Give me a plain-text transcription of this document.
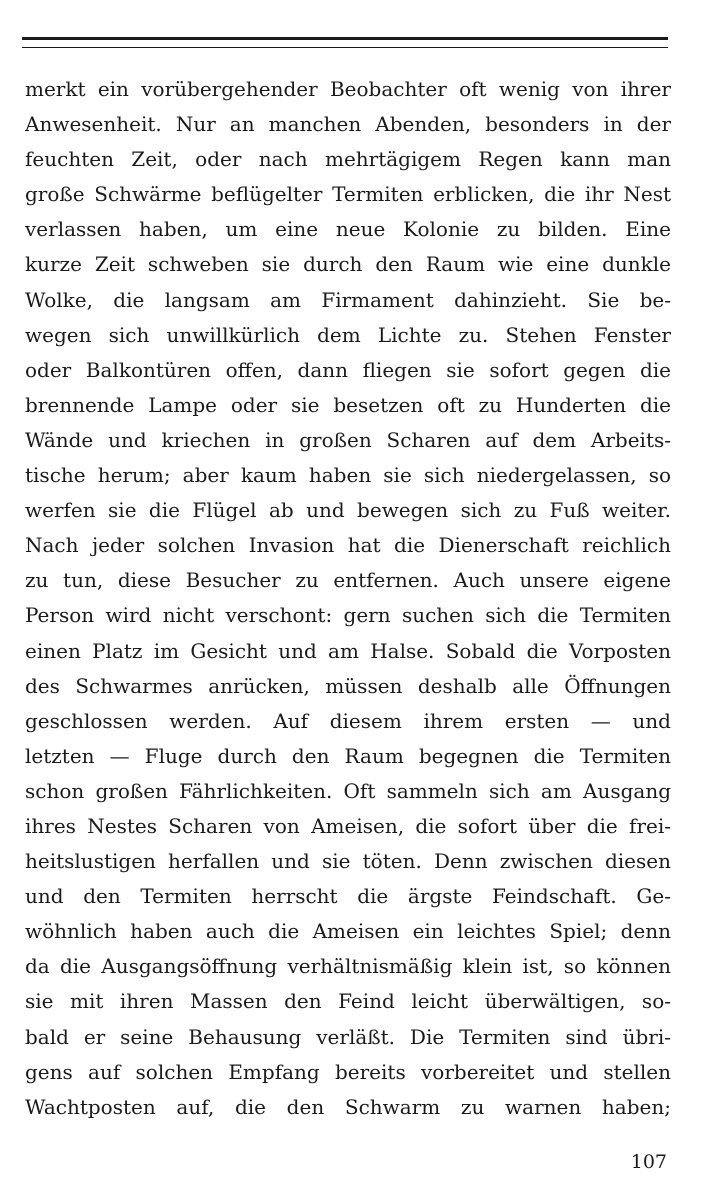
merkt ein vorübergehender Beobachter oft wenig von ihrer
Anwesenheit. Nur an manchen Abenden, besonders in der
feuchten Zeit, oder nach mehrtägigem Regen kann man
große Schwärme beflügelter Termiten erblicken, die ihr Nest
verlassen haben, um eine neue Kolonie zu bilden. Eine
kurze Zeit schweben sie durch den Raum wie eine dunkle
Wolke, die langsam am Firmament dahinzieht. Sie be-
wegen sich unwillkürlich dem Lichte zu. Stehen Fenster
oder Balkontüren offen, dann fliegen sie sofort gegen die
brennende Lampe oder sie besetzen oft zu Hunderten die
Wände und kriechen in großen Scharen auf dem Arbeits-
tische herum; aber kaum haben sie sich niedergelassen, so
werfen sie die Flügel ab und bewegen sich zu Fuß weiter.
Nach jeder solchen Invasion hat die Dienerschaft reichlich
zu tun, diese Besucher zu entfernen. Auch unsere eigene
Person wird nicht verschont: gern suchen sich die Termiten
einen Platz im Gesicht und am Halse. Sobald die Vorposten
des Schwarmes anrücken, müssen deshalb alle Öffnungen
geschlossen werden. Auf diesem ihrem ersten — und
letzten — Fluge durch den Raum begegnen die Termiten
schon großen Fährlichkeiten. Oft sammeln sich am Ausgang
ihres Nestes Scharen von Ameisen, die sofort über die frei-
heitslustigen herfallen und sie töten. Denn zwischen diesen
und den Termiten herrscht die ärgste Feindschaft. Ge-
wöhnlich haben auch die Ameisen ein leichtes Spiel; denn
da die Ausgangsöffnung verhältnismäßig klein ist, so können
sie mit ihren Massen den Feind leicht überwältigen, so-
bald er seine Behausung verläßt. Die Termiten sind übri-
gens auf solchen Empfang bereits vorbereitet und stellen
Wachtposten auf, die den Schwarm zu warnen haben;
107
